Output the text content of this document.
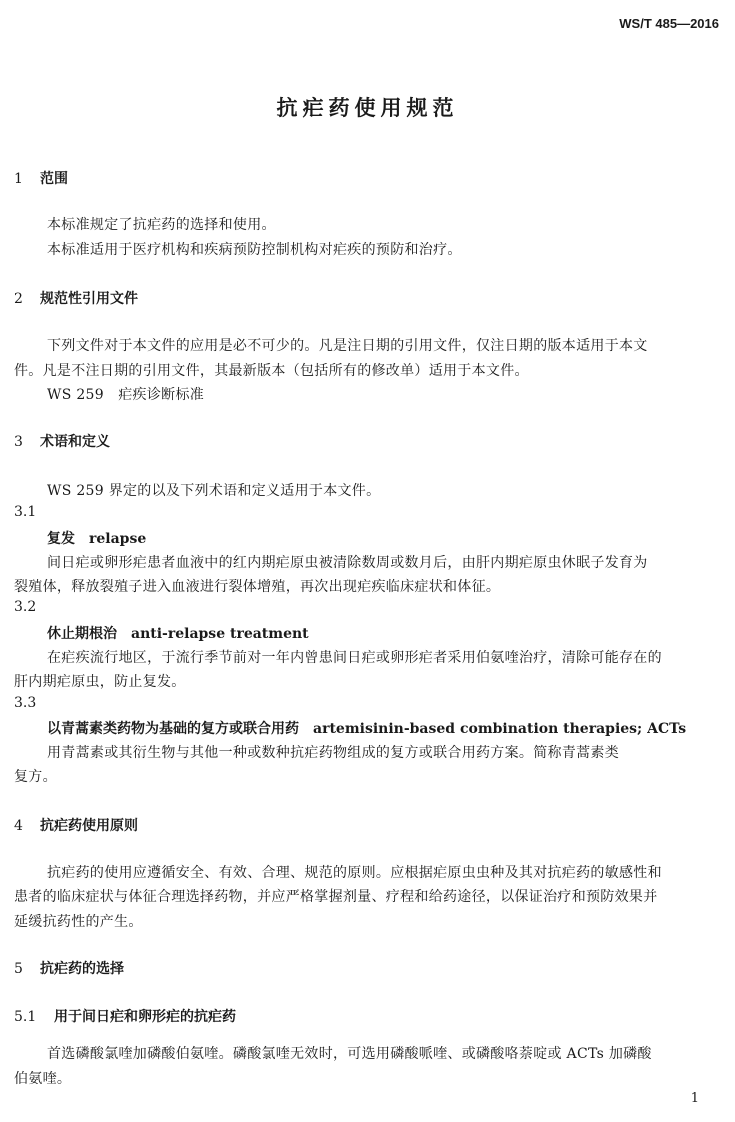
WS/T 485—2016
抗疟药使用规范
1 范围
本标准规定了抗疟药的选择和使用。
本标准适用于医疗机构和疾病预防控制机构对疟疾的预防和治疗。
2 规范性引用文件
下列文件对于本文件的应用是必不可少的。凡是注日期的引用文件，仅注日期的版本适用于本文
件。凡是不注日期的引用文件，其最新版本（包括所有的修改单）适用于本文件。
WS 259　疟疾诊断标准
3 术语和定义
WS 259 界定的以及下列术语和定义适用于本文件。
3.1
复发 relapse
间日疟或卵形疟患者血液中的红内期疟原虫被清除数周或数月后，由肝内期疟原虫休眠子发育为
裂殖体，释放裂殖子进入血液进行裂体增殖，再次出现疟疾临床症状和体征。
3.2
休止期根治 anti-relapse treatment
在疟疾流行地区，于流行季节前对一年内曾患间日疟或卵形疟者采用伯氨喹治疗，清除可能存在的
肝内期疟原虫，防止复发。
3.3
以青蒿素类药物为基础的复方或联合用药 artemisinin-based combination therapies; ACTs
用青蒿素或其衍生物与其他一种或数种抗疟药物组成的复方或联合用药方案。简称青蒿素类
复方。
4 抗疟药使用原则
抗疟药的使用应遵循安全、有效、合理、规范的原则。应根据疟原虫虫种及其对抗疟药的敏感性和
患者的临床症状与体征合理选择药物，并应严格掌握剂量、疗程和给药途径，以保证治疗和预防效果并
延缓抗药性的产生。
5 抗疟药的选择
5.1 用于间日疟和卵形疟的抗疟药
首选磷酸氯喹加磷酸伯氨喹。磷酸氯喹无效时，可选用磷酸哌喹、或磷酸咯萘啶或 ACTs 加磷酸
伯氨喹。
1
